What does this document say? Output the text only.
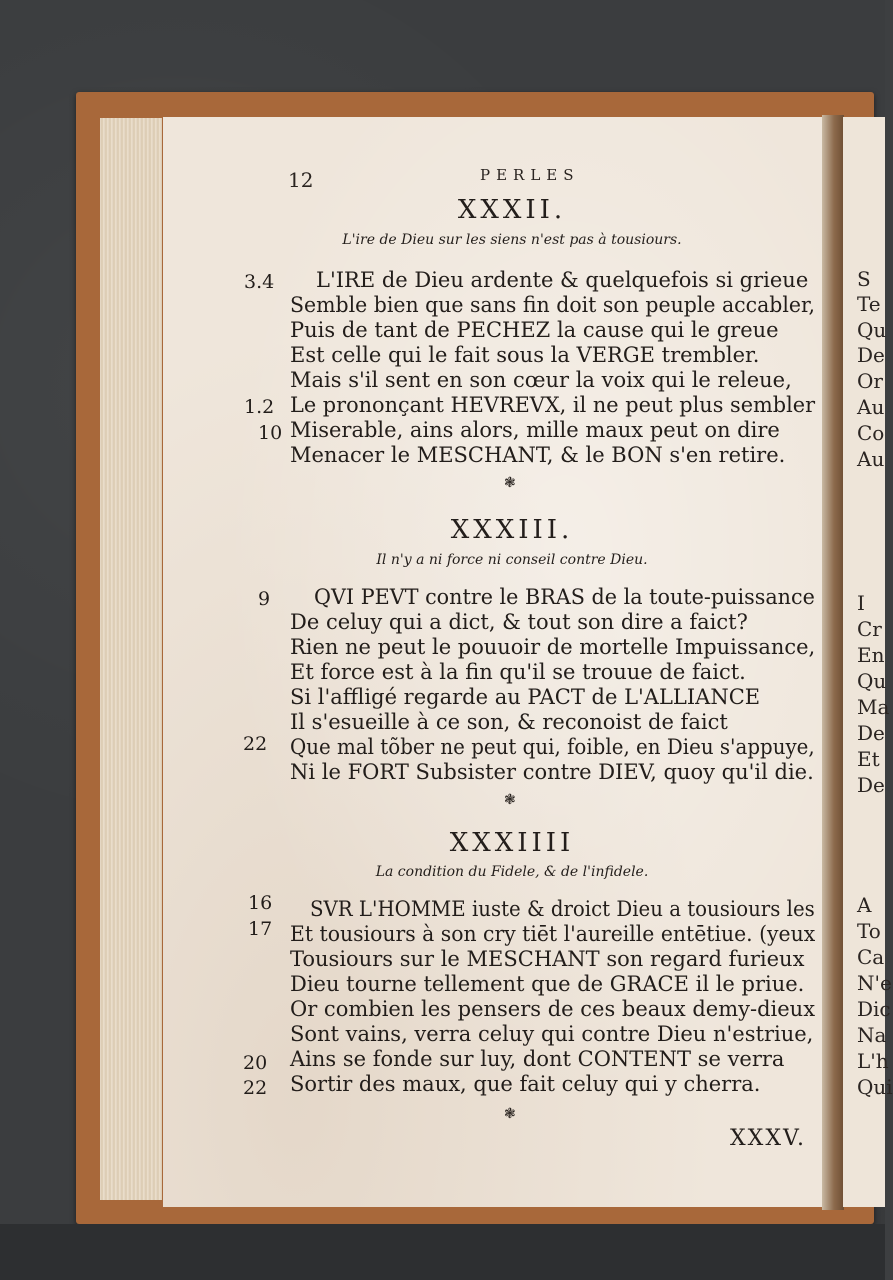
S
Te
Qu
De
Or
Au
Co
Au
I
Cr
En
Qu
Ma
De
Et
De
A
To
Ca
N'e
Dic
Na
L'h
Qui
12	PERLES
XXXII.
L'ire de Dieu sur les siens n'est pas à tousiours.
3.4
1.2
10
L'IRE de Dieu ardente & quelquefois si grieue
Semble bien que sans fin doit son peuple accabler,
Puis de tant de PECHEZ la cause qui le greue
Est celle qui le fait sous la VERGE trembler.
Mais s'il sent en son cœur la voix qui le releue,
Le prononçant HEVREVX, il ne peut plus sembler
Miserable, ains alors, mille maux peut on dire
Menacer le MESCHANT, & le BON s'en retire.
❃
XXXIII.
Il n'y a ni force ni conseil contre Dieu.
9
22
QVI PEVT contre le BRAS de la toute-puissance
De celuy qui a dict, & tout son dire a faict?
Rien ne peut le pouuoir de mortelle Impuissance,
Et force est à la fin qu'il se trouue de faict.
Si l'affligé regarde au PACT de L'ALLIANCE
Il s'esueille à ce son, & reconoist de faict
Que mal tõber ne peut qui, foible, en Dieu s'appuye,
Ni le FORT Subsister contre DIEV, quoy qu'il die.
❃
XXXIIII
La condition du Fidele, & de l'infidele.
16
17
20
22
SVR L'HOMME iuste & droict Dieu a tousiours les
Et tousiours à son cry tiēt l'aureille entētiue. (yeux
Tousiours sur le MESCHANT son regard furieux
Dieu tourne tellement que de GRACE il le priue.
Or combien les pensers de ces beaux demy-dieux
Sont vains, verra celuy qui contre Dieu n'estriue,
Ains se fonde sur luy, dont CONTENT se verra
Sortir des maux, que fait celuy qui y cherra.
❃
XXXV.
